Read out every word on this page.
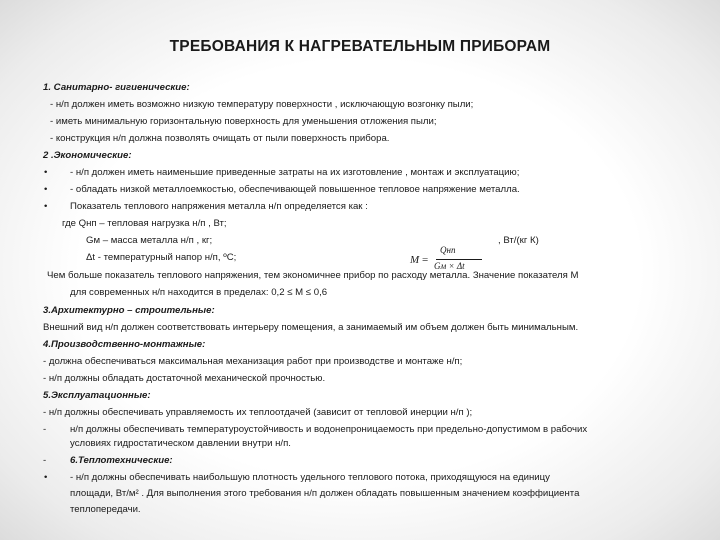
ТРЕБОВАНИЯ К НАГРЕВАТЕЛЬНЫМ ПРИБОРАМ
1. Санитарно- гигиенические:
- н/п должен иметь возможно низкую температуру поверхности , исключающую возгонку пыли;
- иметь минимальную горизонтальную поверхность для уменьшения отложения пыли;
- конструкция н/п должна позволять очищать от пыли поверхность прибора.
2 .Экономические:
• - н/п должен иметь наименьшие приведенные затраты на их изготовление , монтаж и эксплуатацию;
• - обладать низкой металлоемкостью, обеспечивающей повышенное тепловое напряжение металла.
• Показатель теплового напряжения металла н/п определяется как :
где Qнп – тепловая нагрузка н/п , Вт;
Gм – масса металла н/п , кг;	, Вт/(кг К)
Δt - температурный напор н/п, ºС;	M =
Qнп
Gм × Δt
Чем больше показатель теплового напряжения, тем экономичнее прибор по расходу металла. Значение показателя М
для современных н/п находится в пределах: 0,2 ≤ М ≤ 0,6
3.Архитектурно – строительные:
Внешний вид н/п должен соответствовать интерьеру помещения, а занимаемый им объем должен быть минимальным.
4.Производственно-монтажные:
- должна обеспечиваться максимальная механизация работ при производстве и монтаже н/п;
- н/п должны обладать достаточной механической прочностью.
5.Эксплуатационные:
- н/п должны обеспечивать управляемость их теплоотдачей (зависит от тепловой инерции н/п );
- н/п должны обеспечивать температуроустойчивость и водонепроницаемость при предельно-допустимом в рабочих
условиях гидростатическом давлении внутри н/п.
- 6.Теплотехнические:
• - н/п должны обеспечивать наибольшую плотность удельного теплового потока, приходящуюся на единицу
площади, Вт/м² . Для выполнения этого требования н/п должен обладать повышенным значением коэффициента
теплопередачи.
